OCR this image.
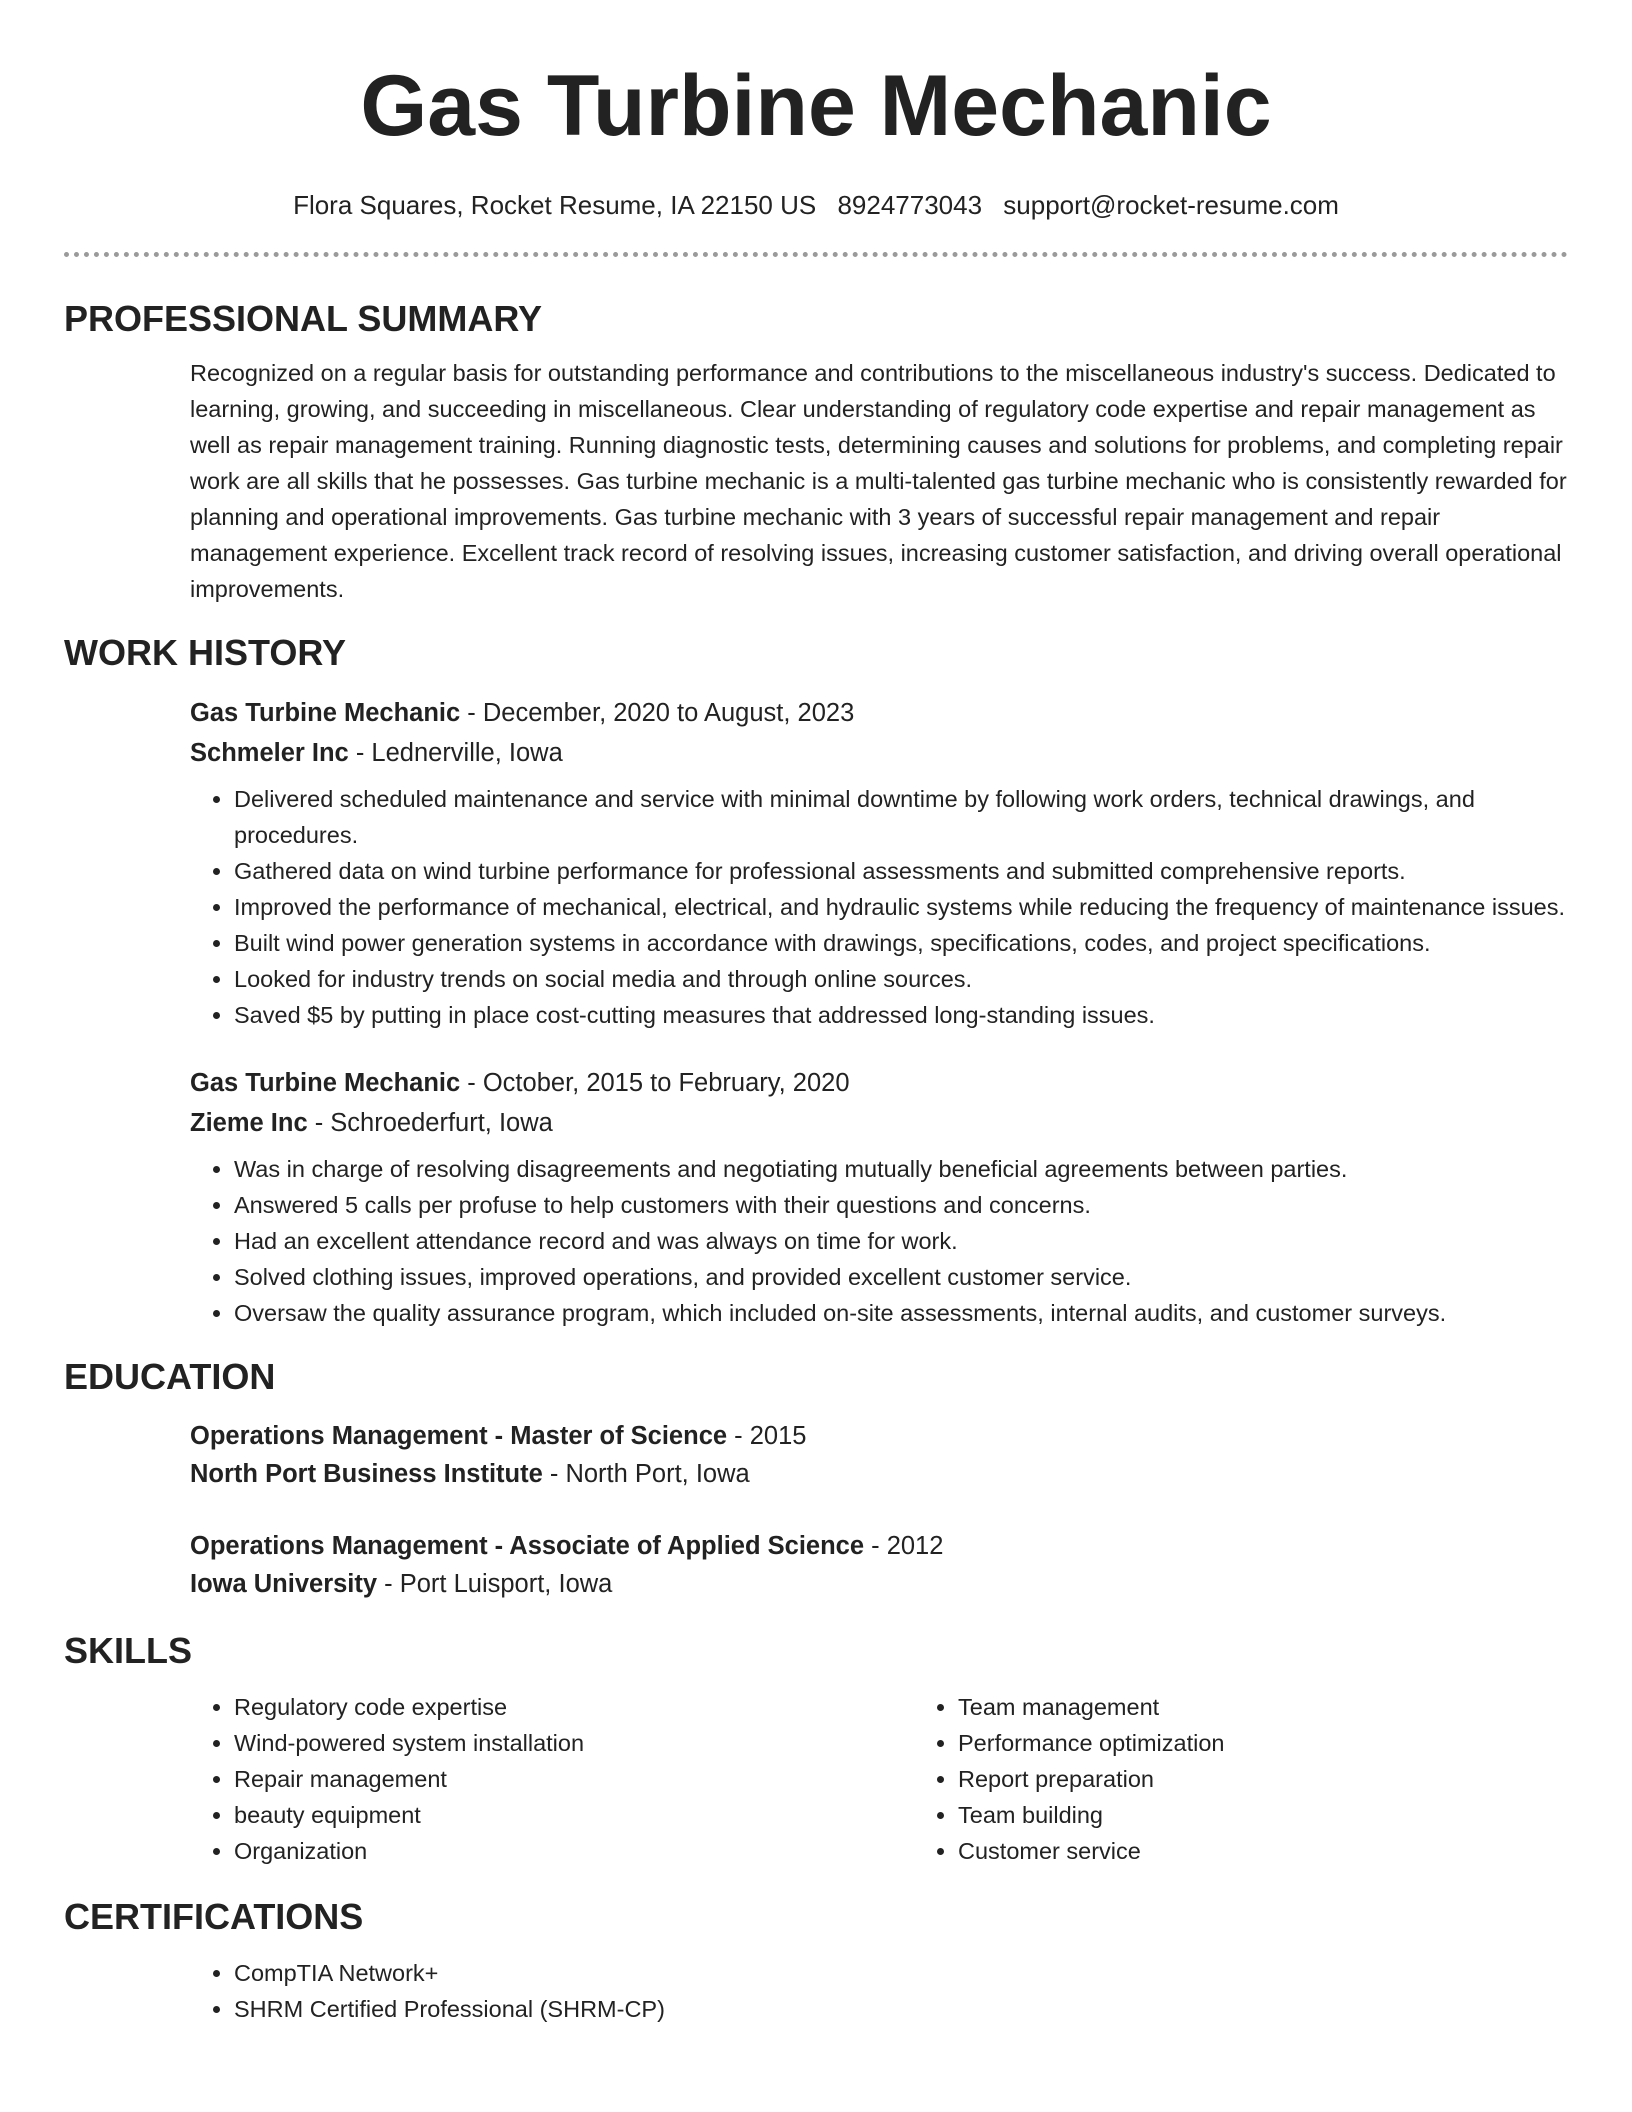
Gas Turbine Mechanic
Flora Squares, Rocket Resume, IA 22150 US 8924773043 support@rocket-resume.com
PROFESSIONAL SUMMARY

Recognized on a regular basis for outstanding performance and contributions to the miscellaneous industry's success. Dedicated to learning, growing, and succeeding in miscellaneous. Clear understanding of regulatory code expertise and repair management as well as repair management training. Running diagnostic tests, determining causes and solutions for problems, and completing repair work are all skills that he possesses. Gas turbine mechanic is a multi-talented gas turbine mechanic who is consistently rewarded for planning and operational improvements. Gas turbine mechanic with 3 years of successful repair management and repair management experience. Excellent track record of resolving issues, increasing customer satisfaction, and driving overall operational improvements.

WORK HISTORY

Gas Turbine Mechanic - December, 2020 to August, 2023

Schmeler Inc - Lednerville, Iowa

• Delivered scheduled maintenance and service with minimal downtime by following work orders, technical drawings, and procedures.
• Gathered data on wind turbine performance for professional assessments and submitted comprehensive reports.
• Improved the performance of mechanical, electrical, and hydraulic systems while reducing the frequency of maintenance issues.
• Built wind power generation systems in accordance with drawings, specifications, codes, and project specifications.
• Looked for industry trends on social media and through online sources.
• Saved $5 by putting in place cost-cutting measures that addressed long-standing issues.

Gas Turbine Mechanic - October, 2015 to February, 2020

Zieme Inc - Schroederfurt, Iowa

• Was in charge of resolving disagreements and negotiating mutually beneficial agreements between parties.
• Answered 5 calls per profuse to help customers with their questions and concerns.
• Had an excellent attendance record and was always on time for work.
• Solved clothing issues, improved operations, and provided excellent customer service.
• Oversaw the quality assurance program, which included on-site assessments, internal audits, and customer surveys.
EDUCATION

Operations Management - Master of Science - 2015

North Port Business Institute - North Port, Iowa

Operations Management - Associate of Applied Science - 2012

Iowa University - Port Luisport, Iowa

SKILLS
• Regulatory code expertise
• Wind-powered system installation
• Repair management
• beauty equipment
• Organization
• Team management
• Performance optimization
• Report preparation
• Team building
• Customer service
CERTIFICATIONS
• CompTIA Network+
• SHRM Certified Professional (SHRM-CP)
